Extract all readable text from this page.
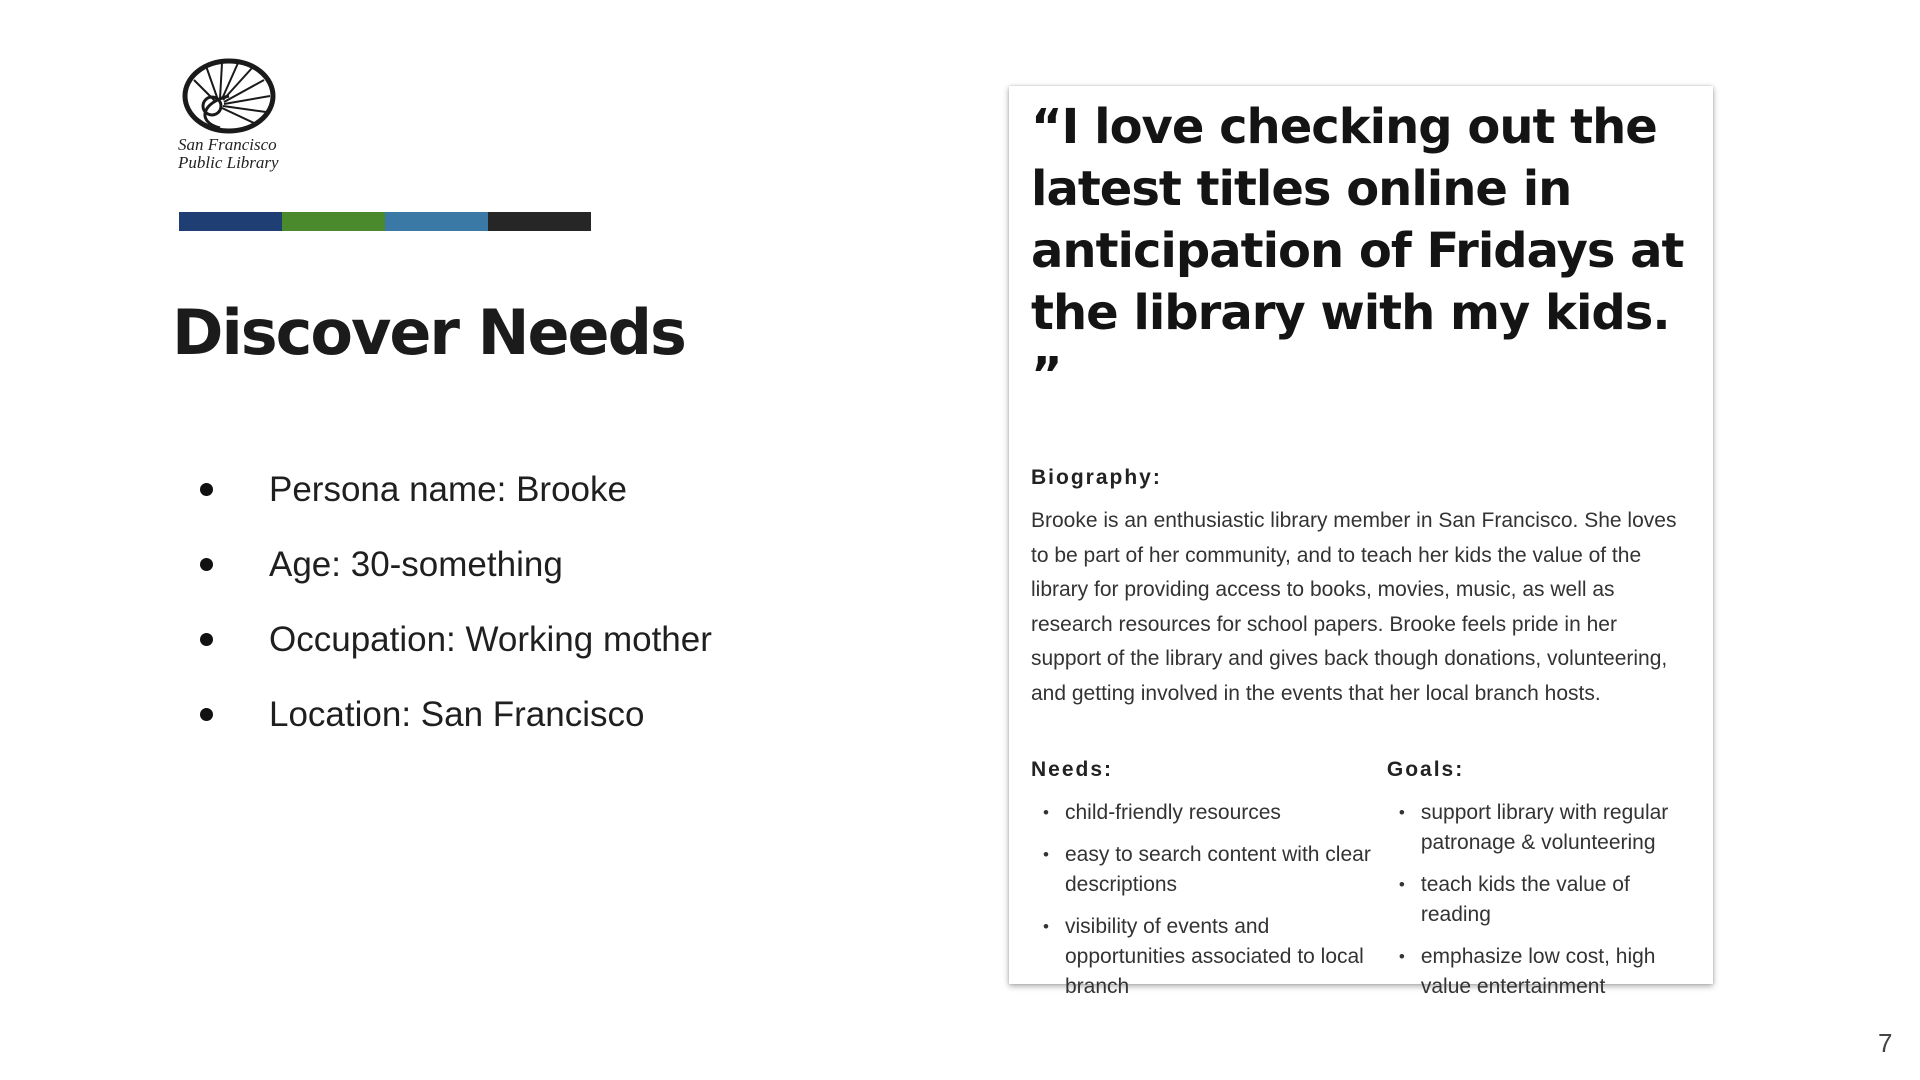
San Francisco
Public Library
Discover Needs
Persona name: Brooke
Age: 30-something
Occupation: Working mother
Location: San Francisco

“I love checking out the latest titles online in anticipation of Fridays at the library with my kids. ”

Biography:

Brooke is an enthusiastic library member in San Francisco. She loves to be part of her community, and to teach her kids the value of the library for providing access to books, movies, music, as well as research resources for school papers. Brooke feels pride in her support of the library and gives back though donations, volunteering, and getting involved in the events that her local branch hosts.

Needs:

• child-friendly resources
• easy to search content with clear descriptions
• visibility of events and opportunities associated to local branch

Goals:

• support library with regular patronage & volunteering
• teach kids the value of reading
• emphasize low cost, high value entertainment
7
